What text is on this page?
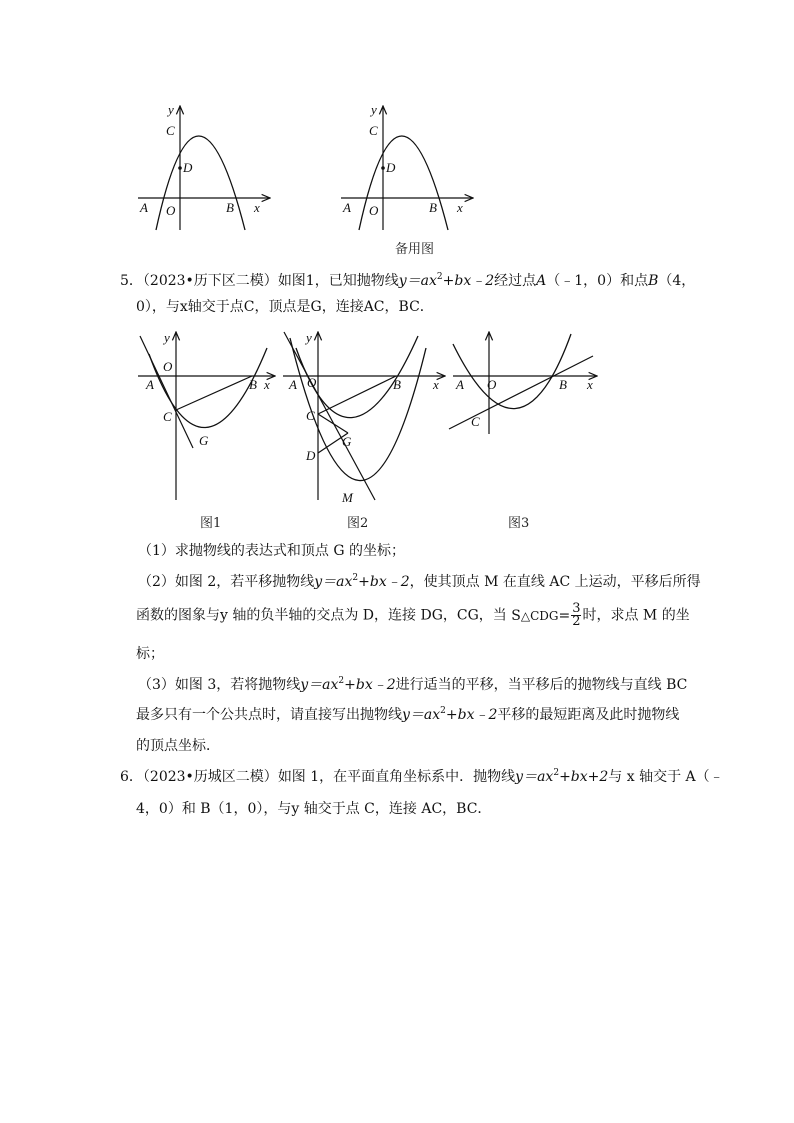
y
C
D
A O	B x
y
C
D
A O	B x
备用图
5．（2023•历下区二模）如图1，已知抛物线$y=ax^2+bx﹣2$经过点A（﹣1，0）和点B（4，
0），与x轴交于点C，顶点是G，连接AC，BC．
y
O
A	B x
C
G
y
A O	B x
C
G
D
M
A O	B x
C
图1	图2	图3
（1）求抛物线的表达式和顶点 G 的坐标；
（2）如图 2，若平移抛物线$y=ax^2+bx﹣2$，使其顶点 M 在直线 AC 上运动，平移后所得
函数的图象与y 轴的负半轴的交点为 D，连接 DG，CG，当 S△CDG= $\frac{3}{2}$ 时，求点 M 的坐
标；
（3）如图 3，若将抛物线$y=ax^2+bx﹣2$进行适当的平移，当平移后的抛物线与直线 BC
最多只有一个公共点时，请直接写出抛物线$y=ax^2+bx﹣2$平移的最短距离及此时抛物线
的顶点坐标．
6．（2023•历城区二模）如图 1，在平面直角坐标系中．抛物线$y=ax^2+bx+2$与 x 轴交于 A（﹣
4，0）和 B（1，0），与y 轴交于点 C，连接 AC，BC．
